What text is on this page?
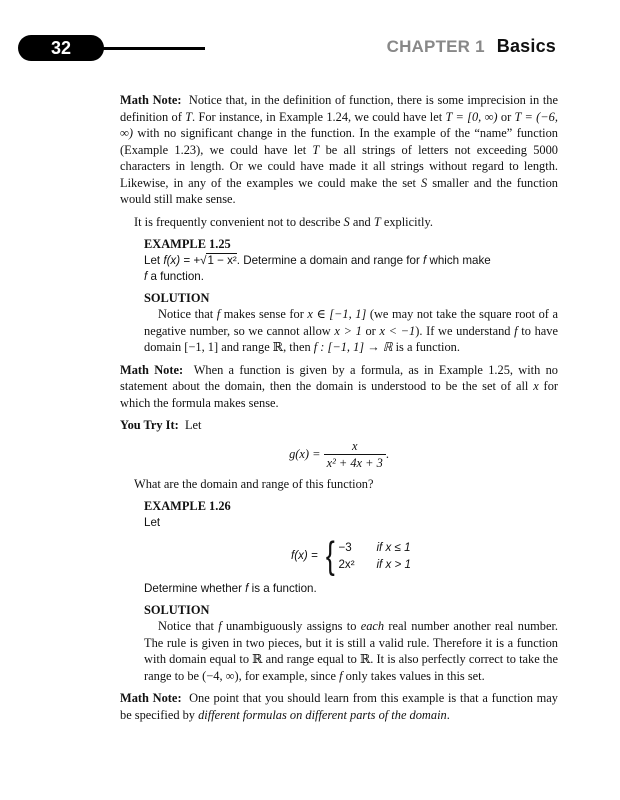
32	CHAPTER 1 Basics

Math Note: Notice that, in the definition of function, there is some imprecision in the definition of T. For instance, in Example 1.24, we could have let T = [0, ∞) or T = (−6, ∞) with no significant change in the function. In the example of the “name” function (Example 1.23), we could have let T be all strings of letters not exceeding 5000 characters in length. Or we could have made it all strings without regard to length. Likewise, in any of the examples we could make the set S smaller and the function would still make sense.

It is frequently convenient not to describe S and T explicitly.

EXAMPLE 1.25

Let f(x) = +√1 − x². Determine a domain and range for f which make
f a function.

SOLUTION

Notice that f makes sense for x ∈ [−1, 1] (we may not take the square root of a negative number, so we cannot allow x > 1 or x < −1). If we understand f to have domain [−1, 1] and range ℝ, then f : [−1, 1] → ℝ is a function.

Math Note: When a function is given by a formula, as in Example 1.25, with no statement about the domain, then the domain is understood to be the set of all x for which the formula makes sense.

You Try It: Let

$g(x) = \frac{x}{\text{x² + 4x + 3}}$ .

What are the domain and range of this function?

EXAMPLE 1.26

Let

f(x) = { −3 if x ≤ 1
2x² if x > 1

Determine whether f is a function.

SOLUTION

Notice that f unambiguously assigns to each real number another real number. The rule is given in two pieces, but it is still a valid rule. Therefore it is a function with domain equal to ℝ and range equal to ℝ. It is also perfectly correct to take the range to be (−4, ∞), for example, since f only takes values in this set.

Math Note: One point that you should learn from this example is that a function may be specified by different formulas on different parts of the domain.
